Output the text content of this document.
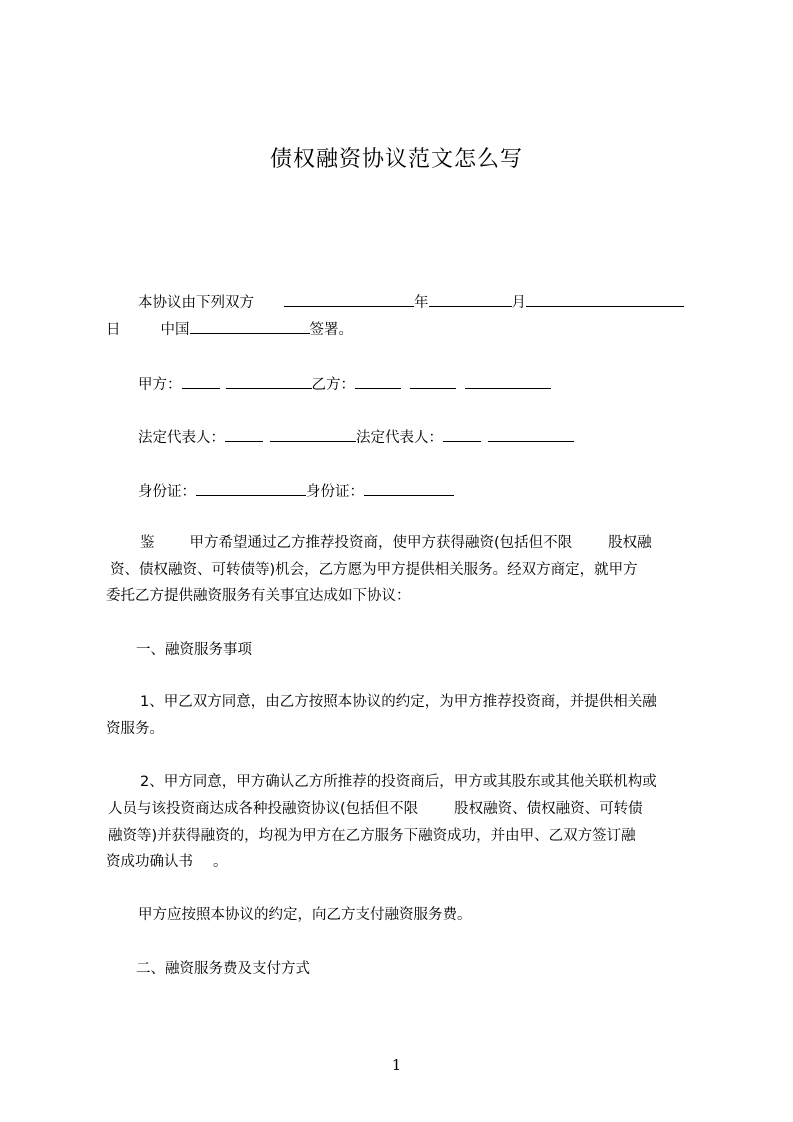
债权融资协议范文怎么写
本协议由下列双方	年	月
日	中国	签署。
甲方：	乙方：
法定代表人：	法定代表人：
身份证：	身份证：
鉴 甲方希望通过乙方推荐投资商，使甲方获得融资(包括但不限 股权融
资、债权融资、可转债等)机会，乙方愿为甲方提供相关服务。经双方商定，就甲方
委托乙方提供融资服务有关事宜达成如下协议：
一、融资服务事项
1、甲乙双方同意，由乙方按照本协议的约定，为甲方推荐投资商，并提供相关融
资服务。
2、甲方同意，甲方确认乙方所推荐的投资商后，甲方或其股东或其他关联机构或
人员与该投资商达成各种投融资协议(包括但不限 股权融资、债权融资、可转债
融资等)并获得融资的，均视为甲方在乙方服务下融资成功，并由甲、乙双方签订融
资成功确认书 。
甲方应按照本协议的约定，向乙方支付融资服务费。
二、融资服务费及支付方式
1
